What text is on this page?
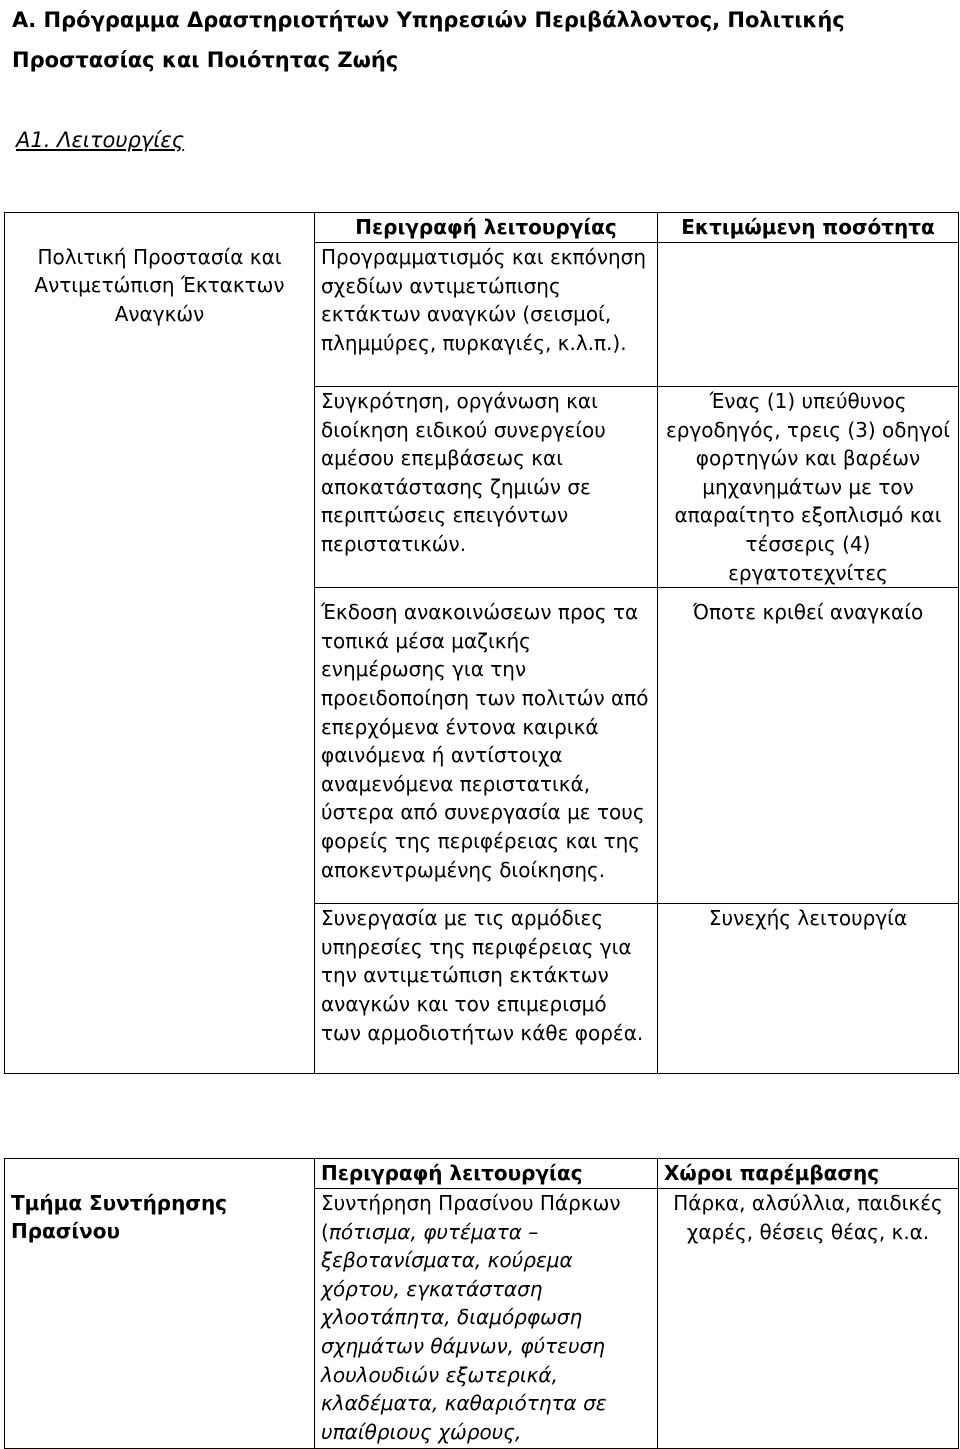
Α. Πρόγραμμα Δραστηριοτήτων Υπηρεσιών Περιβάλλοντος, Πολιτικής Προστασίας και Ποιότητας Ζωής
Α1. Λειτουργίες
	Περιγραφή λειτουργίας	Εκτιμώμενη ποσότητα
Πολιτική Προστασία και Αντιμετώπιση Έκτακτων Αναγκών	Προγραμματισμός και εκπόνηση σχεδίων αντιμετώπισης εκτάκτων αναγκών (σεισμοί, πλημμύρες, πυρκαγιές, κ.λ.π.).	
	Συγκρότηση, οργάνωση και διοίκηση ειδικού συνεργείου αμέσου επεμβάσεως και αποκατάστασης ζημιών σε περιπτώσεις επειγόντων περιστατικών.	Ένας (1) υπεύθυνος εργοδηγός, τρεις (3) οδηγοί φορτηγών και βαρέων μηχανημάτων με τον απαραίτητο εξοπλισμό και τέσσερις (4) εργατοτεχνίτες
	Έκδοση ανακοινώσεων προς τα τοπικά μέσα μαζικής ενημέρωσης για την προειδοποίηση των πολιτών από επερχόμενα έντονα καιρικά φαινόμενα ή αντίστοιχα αναμενόμενα περιστατικά, ύστερα από συνεργασία με τους φορείς της περιφέρειας και της αποκεντρωμένης διοίκησης.	Όποτε κριθεί αναγκαίο
	Συνεργασία με τις αρμόδιες υπηρεσίες της περιφέρειας για την αντιμετώπιση εκτάκτων αναγκών και τον επιμερισμό των αρμοδιοτήτων κάθε φορέα.	Συνεχής λειτουργία
	Περιγραφή λειτουργίας	Χώροι παρέμβασης
Τμήμα Συντήρησης Πρασίνου	Συντήρηση Πρασίνου Πάρκων (πότισμα, φυτέματα – ξεβοτανίσματα, κούρεμα χόρτου, εγκατάσταση χλοοτάπητα, διαμόρφωση σχημάτων θάμνων, φύτευση λουλουδιών εξωτερικά, κλαδέματα, καθαριότητα σε υπαίθριους χώρους,	Πάρκα, αλσύλλια, παιδικές χαρές, θέσεις θέας, κ.α.
